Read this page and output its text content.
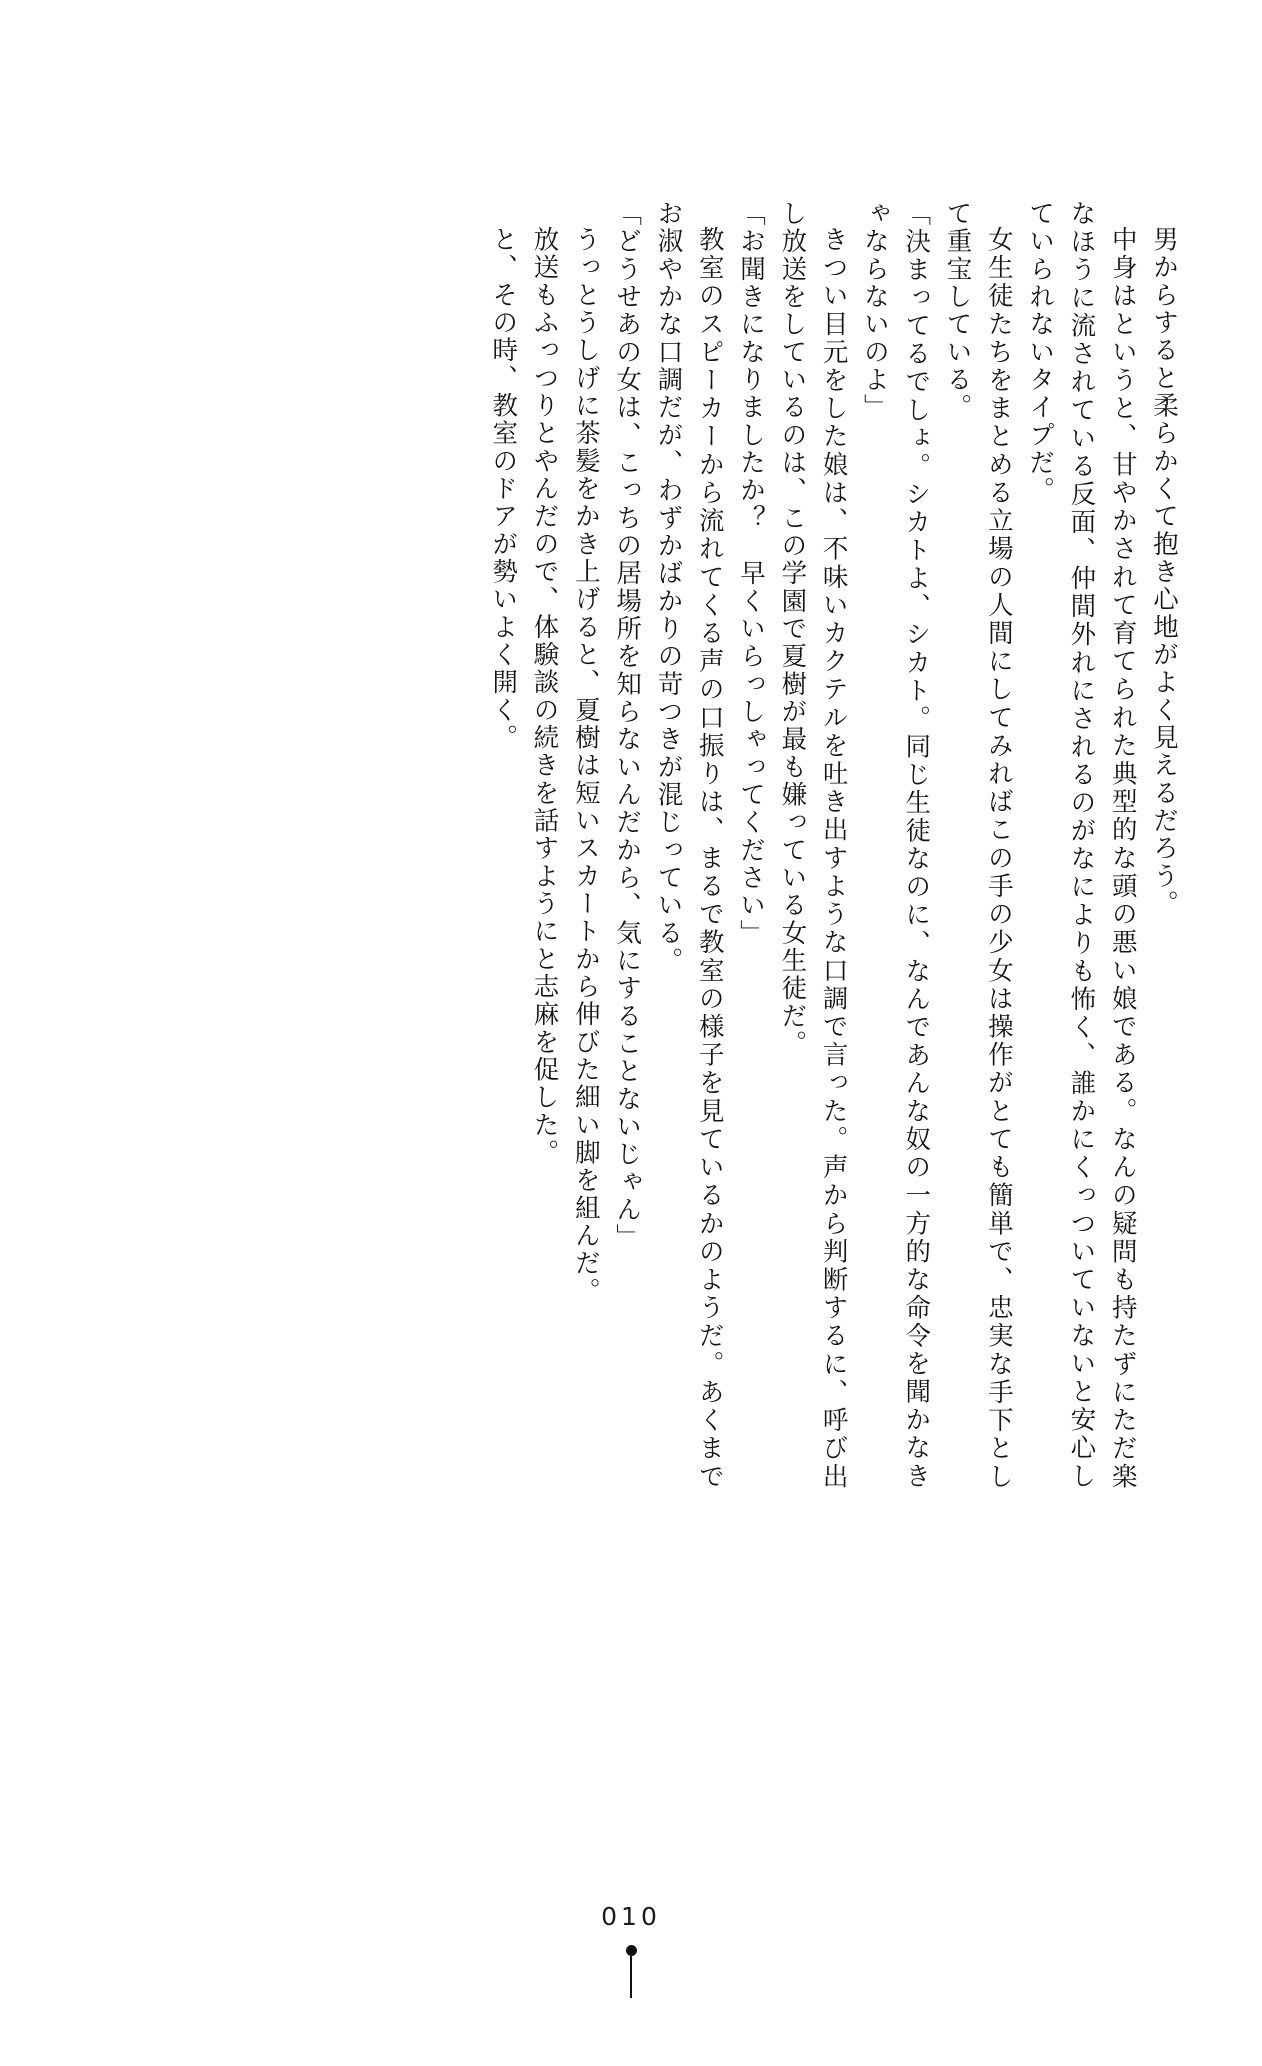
男からすると柔らかくて抱き心地がよく見えるだろう。

中身はというと、甘やかされて育てられた典型的な頭の悪い娘である。なんの疑問も持たずにただ楽なほうに流されている反面、仲間外れにされるのがなによりも怖く、誰かにくっついていないと安心していられないタイプだ。

女生徒たちをまとめる立場の人間にしてみればこの手の少女は操作がとても簡単で、忠実な手下として重宝している。

「決まってるでしょ。シカトよ、シカト。同じ生徒なのに、なんであんな奴の一方的な命令を聞かなきゃならないのよ」

きつい目元をした娘は、不味いカクテルを吐き出すような口調で言った。声から判断するに、呼び出し放送をしているのは、この学園で夏樹が最も嫌っている女生徒だ。

「お聞きになりましたか？　早くいらっしゃってください」

教室のスピーカーから流れてくる声の口振りは、まるで教室の様子を見ているかのようだ。あくまでお淑やかな口調だが、わずかばかりの苛つきが混じっている。

「どうせあの女は、こっちの居場所を知らないんだから、気にすることないじゃん」

うっとうしげに茶髪をかき上げると、夏樹は短いスカートから伸びた細い脚を組んだ。

放送もふっつりとやんだので、体験談の続きを話すようにと志麻を促した。

と、その時、教室のドアが勢いよく開く。

010
